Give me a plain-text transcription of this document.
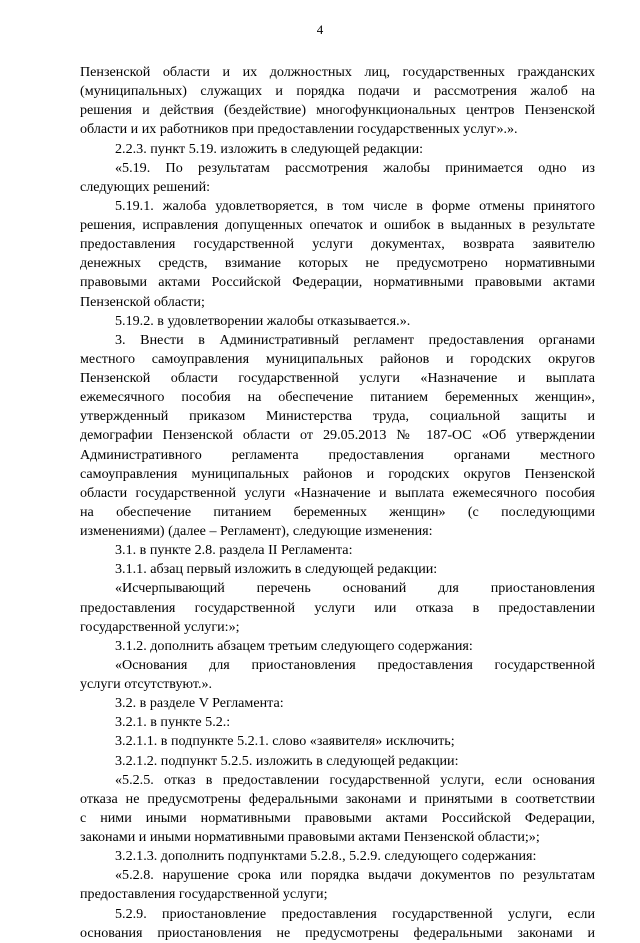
4
Пензенской области и их должностных лиц, государственных гражданских
(муниципальных) служащих и порядка подачи и рассмотрения жалоб на
решения и действия (бездействие) многофункциональных центров Пензенской
области и их работников при предоставлении государственных услуг».».
2.2.3. пункт 5.19. изложить в следующей редакции:
«5.19. По результатам рассмотрения жалобы принимается одно из
следующих решений:
5.19.1. жалоба удовлетворяется, в том числе в форме отмены принятого
решения, исправления допущенных опечаток и ошибок в выданных в результате
предоставления государственной услуги документах, возврата заявителю
денежных средств, взимание которых не предусмотрено нормативными
правовыми актами Российской Федерации, нормативными правовыми актами
Пензенской области;
5.19.2. в удовлетворении жалобы отказывается.».
3. Внести в Административный регламент предоставления органами
местного самоуправления муниципальных районов и городских округов
Пензенской области государственной услуги «Назначение и выплата
ежемесячного пособия на обеспечение питанием беременных женщин»,
утвержденный приказом Министерства труда, социальной защиты и
демографии Пензенской области от 29.05.2013 № 187-ОС «Об утверждении
Административного регламента предоставления органами местного
самоуправления муниципальных районов и городских округов Пензенской
области государственной услуги «Назначение и выплата ежемесячного пособия
на обеспечение питанием беременных женщин» (с последующими
изменениями) (далее – Регламент), следующие изменения:
3.1. в пункте 2.8. раздела II Регламента:
3.1.1. абзац первый изложить в следующей редакции:
«Исчерпывающий перечень оснований для приостановления
предоставления государственной услуги или отказа в предоставлении
государственной услуги:»;
3.1.2. дополнить абзацем третьим следующего содержания:
«Основания для приостановления предоставления государственной
услуги отсутствуют.».
3.2. в разделе V Регламента:
3.2.1. в пункте 5.2.:
3.2.1.1. в подпункте 5.2.1. слово «заявителя» исключить;
3.2.1.2. подпункт 5.2.5. изложить в следующей редакции:
«5.2.5. отказ в предоставлении государственной услуги, если основания
отказа не предусмотрены федеральными законами и принятыми в соответствии
с ними иными нормативными правовыми актами Российской Федерации,
законами и иными нормативными правовыми актами Пензенской области;»;
3.2.1.3. дополнить подпунктами 5.2.8., 5.2.9. следующего содержания:
«5.2.8. нарушение срока или порядка выдачи документов по результатам
предоставления государственной услуги;
5.2.9. приостановление предоставления государственной услуги, если
основания приостановления не предусмотрены федеральными законами и
